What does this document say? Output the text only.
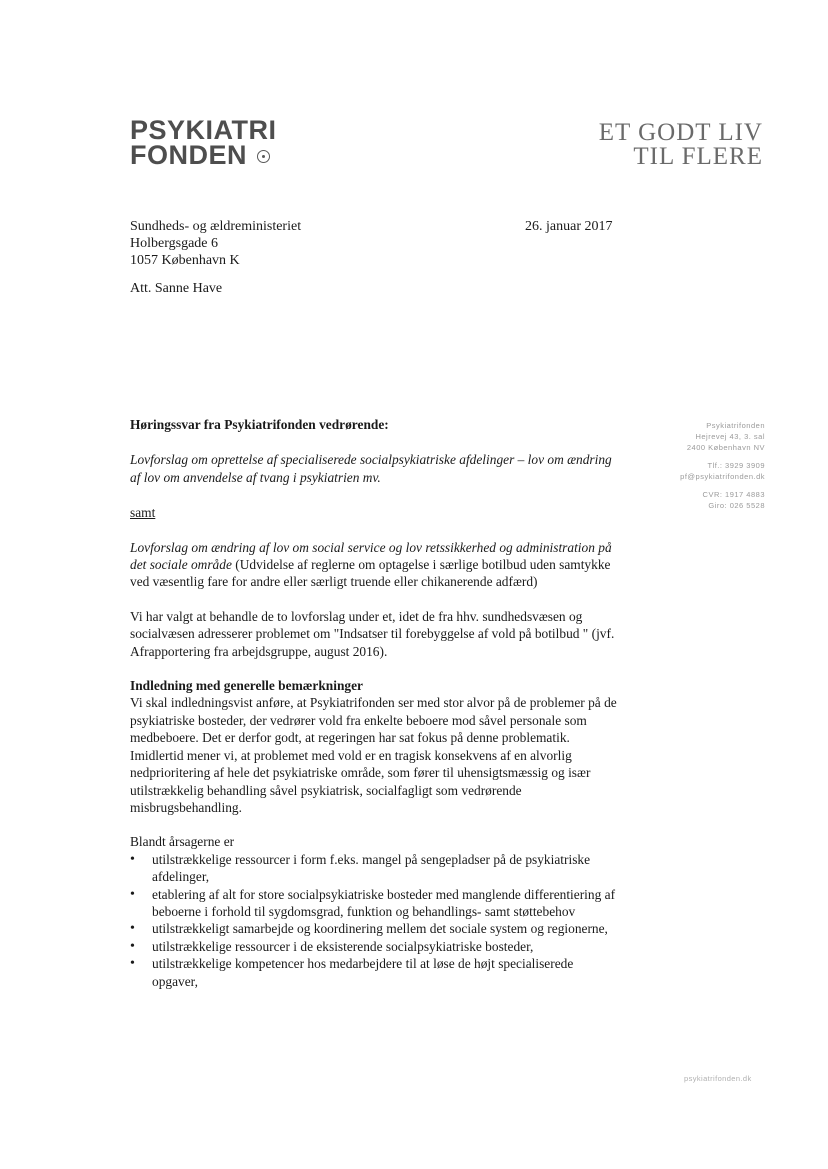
PSYKIATRI
FONDEN
ET GODT LIV
TIL FLERE
Sundheds- og ældreministeriet
Holbergsgade 6
1057 København K
26. januar 2017
Att. Sanne Have
Psykiatrifonden
Hejrevej 43, 3. sal
2400 København NV
Tlf.: 3929 3909
pf@psykiatrifonden.dk
CVR: 1917 4883
Giro: 026 5528

Høringssvar fra Psykiatrifonden vedrørende:

Lovforslag om oprettelse af specialiserede socialpsykiatriske afdelinger – lov om ændring af lov om anvendelse af tvang i psykiatrien mv.

samt

Lovforslag om ændring af lov om social service og lov retssikkerhed og administration på det sociale område (Udvidelse af reglerne om optagelse i særlige botilbud uden samtykke ved væsentlig fare for andre eller særligt truende eller chikanerende adfærd)

Vi har valgt at behandle de to lovforslag under et, idet de fra hhv. sundhedsvæsen og socialvæsen adresserer problemet om "Indsatser til forebyggelse af vold på botilbud " (jvf. Afrapportering fra arbejdsgruppe, august 2016).

Indledning med generelle bemærkninger

Vi skal indledningsvist anføre, at Psykiatrifonden ser med stor alvor på de problemer på de psykiatriske bosteder, der vedrører vold fra enkelte beboere mod såvel personale som medbeboere. Det er derfor godt, at regeringen har sat fokus på denne problematik. Imidlertid mener vi, at problemet med vold er en tragisk konsekvens af en alvorlig nedprioritering af hele det psykiatriske område, som fører til uhensigtsmæssig og især utilstrækkelig behandling såvel psykiatrisk, socialfagligt som vedrørende misbrugsbehandling.

Blandt årsagerne er

• utilstrækkelige ressourcer i form f.eks. mangel på sengepladser på de psykiatriske afdelinger,
• etablering af alt for store socialpsykiatriske bosteder med manglende differentiering af beboerne i forhold til sygdomsgrad, funktion og behandlings- samt støttebehov
• utilstrækkeligt samarbejde og koordinering mellem det sociale system og regionerne,
• utilstrækkelige ressourcer i de eksisterende socialpsykiatriske bosteder,
• utilstrækkelige kompetencer hos medarbejdere til at løse de højt specialiserede opgaver,
psykiatrifonden.dk
